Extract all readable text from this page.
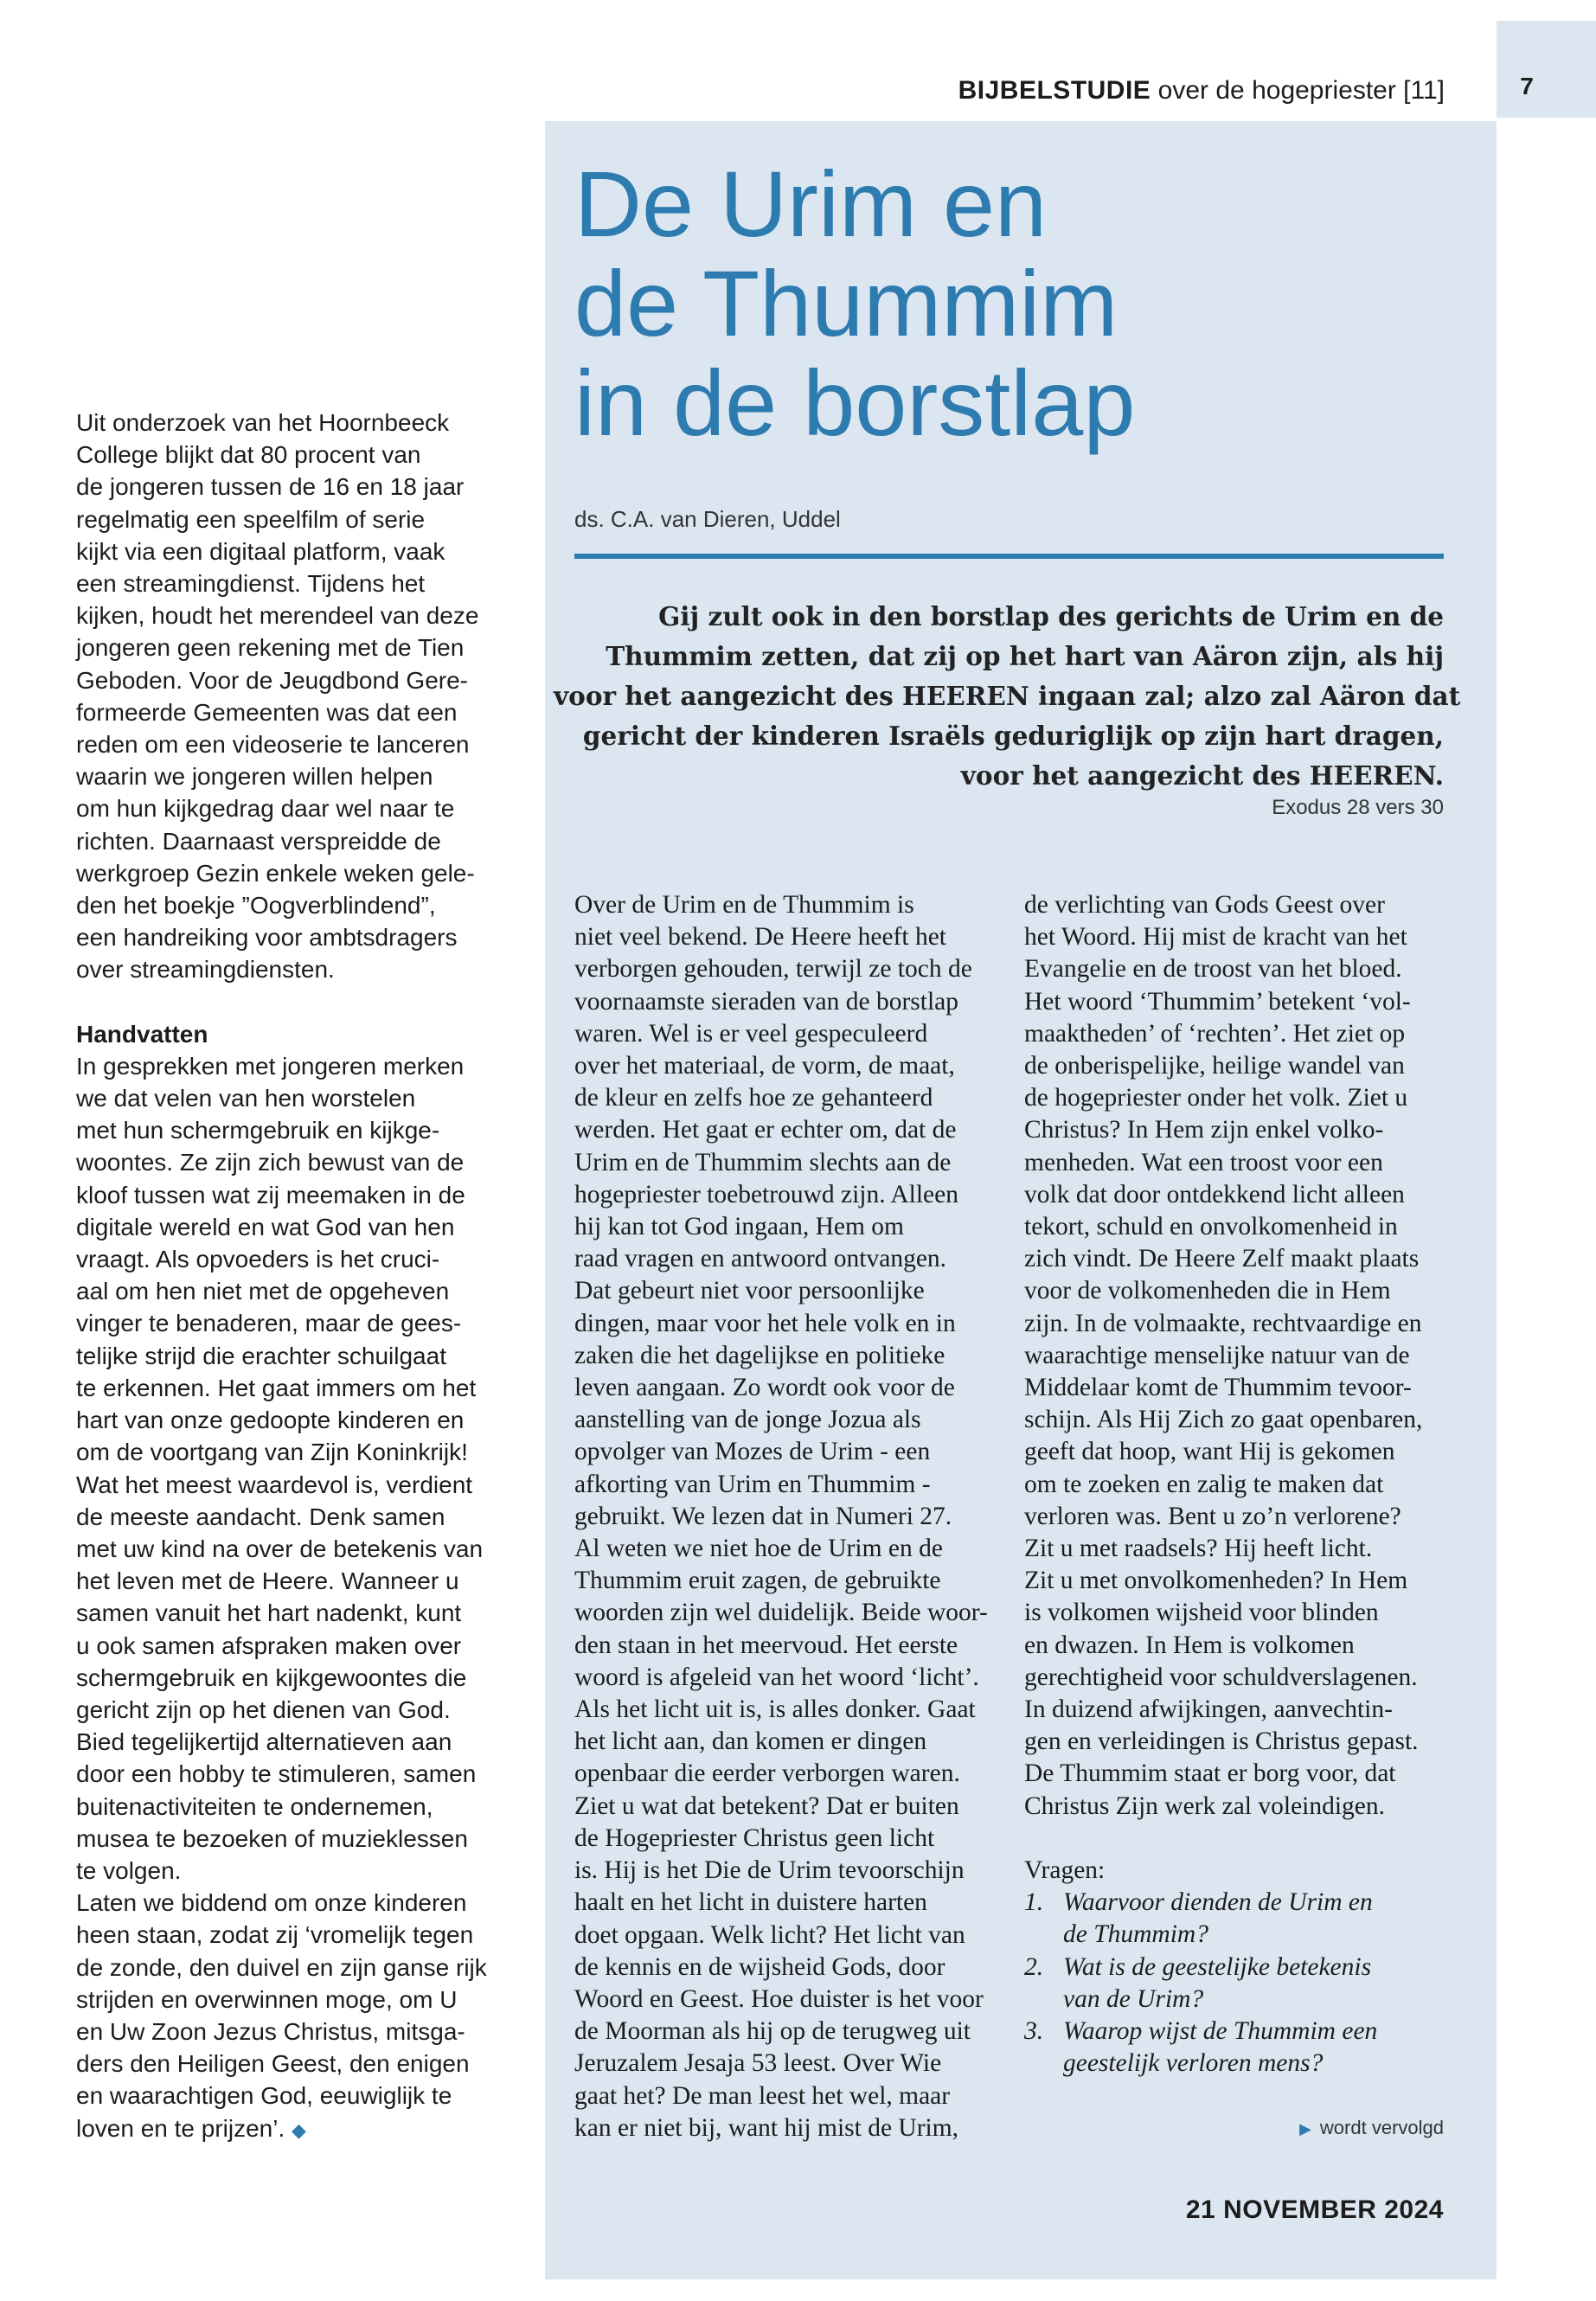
7
BIJBELSTUDIE over de hogepriester [11]
De Urim en
de Thummim
in de borstlap
ds. C.A. van Dieren, Uddel
Gij zult ook in den borstlap des gerichts de Urim en de
Thummim zetten, dat zij op het hart van Aäron zijn, als hij
voor het aangezicht des HEEREN ingaan zal; alzo zal Aäron dat
gericht der kinderen Israëls geduriglijk op zijn hart dragen,
voor het aangezicht des HEEREN.
Exodus 28 vers 30
Uit onderzoek van het Hoornbeeck
College blijkt dat 80 procent van
de jongeren tussen de 16 en 18 jaar
regelmatig een speelfilm of serie
kijkt via een digitaal platform, vaak
een streamingdienst. Tijdens het
kijken, houdt het merendeel van deze
jongeren geen rekening met de Tien
Geboden. Voor de Jeugdbond Gere-
formeerde Gemeenten was dat een
reden om een videoserie te lanceren
waarin we jongeren willen helpen
om hun kijkgedrag daar wel naar te
richten. Daarnaast verspreidde de
werkgroep Gezin enkele weken gele-
den het boekje ”Oogverblindend”,
een handreiking voor ambtsdragers
over streamingdiensten.
Handvatten
In gesprekken met jongeren merken
we dat velen van hen worstelen
met hun schermgebruik en kijkge-
woontes. Ze zijn zich bewust van de
kloof tussen wat zij meemaken in de
digitale wereld en wat God van hen
vraagt. Als opvoeders is het cruci-
aal om hen niet met de opgeheven
vinger te benaderen, maar de gees-
telijke strijd die erachter schuilgaat
te erkennen. Het gaat immers om het
hart van onze gedoopte kinderen en
om de voortgang van Zijn Koninkrijk!
Wat het meest waardevol is, verdient
de meeste aandacht. Denk samen
met uw kind na over de betekenis van
het leven met de Heere. Wanneer u
samen vanuit het hart nadenkt, kunt
u ook samen afspraken maken over
schermgebruik en kijkgewoontes die
gericht zijn op het dienen van God.
Bied tegelijkertijd alternatieven aan
door een hobby te stimuleren, samen
buitenactiviteiten te ondernemen,
musea te bezoeken of muzieklessen
te volgen.
Laten we biddend om onze kinderen
heen staan, zodat zij ‘vromelijk tegen
de zonde, den duivel en zijn ganse rijk
strijden en overwinnen moge, om U
en Uw Zoon Jezus Christus, mitsga-
ders den Heiligen Geest, den enigen
en waarachtigen God, eeuwiglijk te
loven en te prijzen’. ◆
Over de Urim en de Thummim is
niet veel bekend. De Heere heeft het
verborgen gehouden, terwijl ze toch de
voornaamste sieraden van de borstlap
waren. Wel is er veel gespeculeerd
over het materiaal, de vorm, de maat,
de kleur en zelfs hoe ze gehanteerd
werden. Het gaat er echter om, dat de
Urim en de Thummim slechts aan de
hogepriester toebetrouwd zijn. Alleen
hij kan tot God ingaan, Hem om
raad vragen en antwoord ontvangen.
Dat gebeurt niet voor persoonlijke
dingen, maar voor het hele volk en in
zaken die het dagelijkse en politieke
leven aangaan. Zo wordt ook voor de
aanstelling van de jonge Jozua als
opvolger van Mozes de Urim - een
afkorting van Urim en Thummim -
gebruikt. We lezen dat in Numeri 27.
Al weten we niet hoe de Urim en de
Thummim eruit zagen, de gebruikte
woorden zijn wel duidelijk. Beide woor-
den staan in het meervoud. Het eerste
woord is afgeleid van het woord ‘licht’.
Als het licht uit is, is alles donker. Gaat
het licht aan, dan komen er dingen
openbaar die eerder verborgen waren.
Ziet u wat dat betekent? Dat er buiten
de Hogepriester Christus geen licht
is. Hij is het Die de Urim tevoorschijn
haalt en het licht in duistere harten
doet opgaan. Welk licht? Het licht van
de kennis en de wijsheid Gods, door
Woord en Geest. Hoe duister is het voor
de Moorman als hij op de terugweg uit
Jeruzalem Jesaja 53 leest. Over Wie
gaat het? De man leest het wel, maar
kan er niet bij, want hij mist de Urim,
de verlichting van Gods Geest over
het Woord. Hij mist de kracht van het
Evangelie en de troost van het bloed.
Het woord ‘Thummim’ betekent ‘vol-
maaktheden’ of ‘rechten’. Het ziet op
de onberispelijke, heilige wandel van
de hogepriester onder het volk. Ziet u
Christus? In Hem zijn enkel volko-
menheden. Wat een troost voor een
volk dat door ontdekkend licht alleen
tekort, schuld en onvolkomenheid in
zich vindt. De Heere Zelf maakt plaats
voor de volkomenheden die in Hem
zijn. In de volmaakte, rechtvaardige en
waarachtige menselijke natuur van de
Middelaar komt de Thummim tevoor-
schijn. Als Hij Zich zo gaat openbaren,
geeft dat hoop, want Hij is gekomen
om te zoeken en zalig te maken dat
verloren was. Bent u zo’n verlorene?
Zit u met raadsels? Hij heeft licht.
Zit u met onvolkomenheden? In Hem
is volkomen wijsheid voor blinden
en dwazen. In Hem is volkomen
gerechtigheid voor schuldverslagenen.
In duizend afwijkingen, aanvechtin-
gen en verleidingen is Christus gepast.
De Thummim staat er borg voor, dat
Christus Zijn werk zal voleindigen.
Vragen:
1. Waarvoor dienden de Urim en
de Thummim?
2. Wat is de geestelijke betekenis
van de Urim?
3. Waarop wijst de Thummim een
geestelijk verloren mens?
▶ wordt vervolgd
21 NOVEMBER 2024
